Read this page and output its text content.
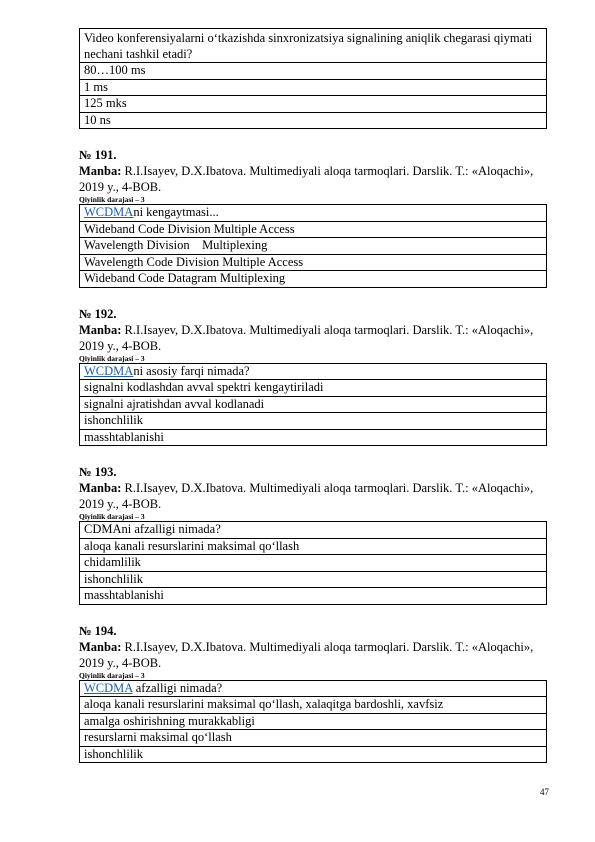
Video konferensiyalarni o‘tkazishda sinxronizatsiya signalining aniqlik chegarasi qiymati nechani tashkil etadi?
80…100 ms
1 ms
125 mks
10 ns
№ 191.
Manba: R.I.Isayev, D.X.Ibatova. Multimediyali aloqa tarmoqlari. Darslik. T.: «Aloqachi», 2019 y., 4-BOB.
Qiyinlik darajasi – 3
WCDMAni kengaytmasi...
Wideband Code Division Multiple Access
Wavelength Division    Multiplexing
Wavelength Code Division Multiple Access
Wideband Code Datagram Multiplexing
№ 192.
Manba: R.I.Isayev, D.X.Ibatova. Multimediyali aloqa tarmoqlari. Darslik. T.: «Aloqachi», 2019 y., 4-BOB.
Qiyinlik darajasi – 3
WCDMAni asosiy farqi nimada?
signalni kodlashdan avval spektri kengaytiriladi
signalni ajratishdan avval kodlanadi
ishonchlilik
masshtablanishi
№ 193.
Manba: R.I.Isayev, D.X.Ibatova. Multimediyali aloqa tarmoqlari. Darslik. T.: «Aloqachi», 2019 y., 4-BOB.
Qiyinlik darajasi – 3
CDMAni afzalligi nimada?
aloqa kanali resurslarini maksimal qo‘llash
chidamlilik
ishonchlilik
masshtablanishi
№ 194.
Manba: R.I.Isayev, D.X.Ibatova. Multimediyali aloqa tarmoqlari. Darslik. T.: «Aloqachi», 2019 y., 4-BOB.
Qiyinlik darajasi – 3
WCDMA afzalligi nimada?
aloqa kanali resurslarini maksimal qo‘llash, xalaqitga bardoshli, xavfsiz
amalga oshirishning murakkabligi
resurslarni maksimal qo‘llash
ishonchlilik
47
